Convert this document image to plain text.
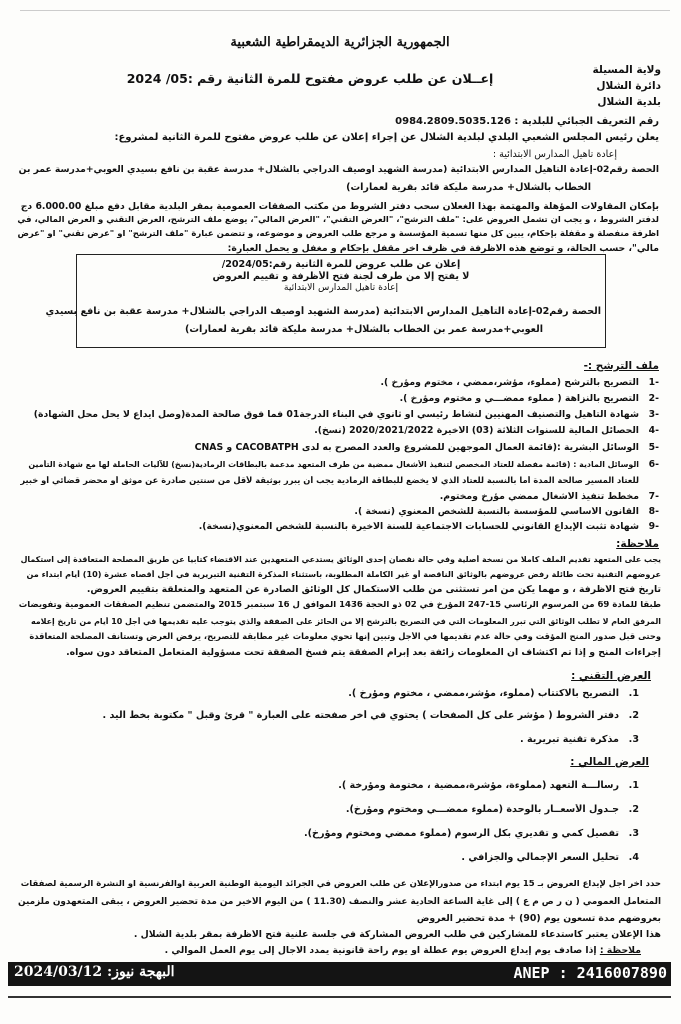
الجمهورية الجزائرية الديمقراطية الشعبية
ولاية المسيلة
دائرة الشلال
بلدية الشلال
إعــلان عن طلب عروض مفتوح للمرة الثانية رقم :05/ 2024
رقم التعريف الجبائي للبلدية : 0984.2809.5035.126
يعلن رئيس المجلس الشعبي البلدي لبلدية الشلال عن إجراء إعلان عن طلب عروض مفتوح للمرة الثانية لمشروع:
إعادة تأهيل المدارس الابتدائية :
الحصة رقم02-إعادة التأهيل المدارس الابتدائية (مدرسة الشهيد أوصيف الدراجي بالشلال+ مدرسة عقبة بن نافع بسيدي العوبي+مدرسة عمر بن
الخطاب بالشلال+ مدرسة مليكة قائد بقرية لعمارات)
بإمكان المقاولات المؤهلة والمهتمة بهذا الغعلان سحب دفتر الشروط من مكتب الصفقات العمومية بمقر البلدية مقابل دفع مبلغ 6.000.00 دج
لدفتر الشروط ، و يجب أن تشمل العروض على: "ملف الترشح"، "العرض التقني"، "العرض المالي"، يوضع ملف الترشح، العرض التقني و العرض المالي، في
أظرفة منفصلة و مقفلة بإحكام، يبين كل منها تسمية المؤسسة و مرجع طلب العروض و موضوعه، و تتضمن عبارة "ملف الترشح" أو "عرض تقني" أو "عرض
مالي"، حسب الحالة، و توضع هذه الأظرفة في ظرف أخر مقفل بإحكام و مغفل و يحمل العبارة:
إعلان عن طلب عروض للمرة الثانية رقم:2024/05/
لا يفتح إلا من طرف لجنة فتح الأظرفة و تقييم العروض
إعادة تأهيل المدارس الابتدائية
الحصة رقم02-إعادة التأهيل المدارس الابتدائية (مدرسة الشهيد أوصيف الدراجي بالشلال+ مدرسة عقبة بن نافع بسيدي
العوبي+مدرسة عمر بن الخطاب بالشلال+ مدرسة مليكة قائد بقرية لعمارات)
ملف الترشح :-
-1
التصريح بالترشح (مملوء، مؤشر،ممضي ، مختوم ومؤرخ ).
-2
التصريح بالنزاهة ( مملوء ممضـــي و مختوم ومؤرخ ).
-3
شهادة التأهيل والتصنيف المهنيين لنشاط رئيسي او ثانوي في البناء الدرجة01 فما فوق صالحة المدة(وصل ايداع لا يحل محل الشهادة)
-4
الحصائل المالية للسنوات الثلاثة (03) الأخيرة 2020/2021/2022 (نسخ).
-5
الوسائل البشرية :(قائمة العمال الموجهين للمشروع والعدد المصرح به لدى CACOBATPH و CNAS
-6
الوسائل المادية : (قائمة مفصلة للعتاد المخصص لتنفيذ الأشغال ممضية من طرف المتعهد مدعمة بالبطاقات الرمادية(نسخ) للآليات الحاملة لها مع شهادة التأمين
للعتاد المسير صالحة المدة أما بالنسبة للعتاد الذي لا يخضع للبطاقة الرمادية يجب أن يبرر بوثيقة لأقل من سنتين صادرة عن موثق أو محضر قضائي أو خبير
-7
مخطط تنفيذ الأشغال ممضي مؤرخ ومختوم.
-8
القانون الأساسي للمؤسسة بالنسبة للشخص المعنوي (نسخة ).
-9
شهادة تثبت الإيداع القانوني للحسابات الاجتماعية للسنة الأخيرة بالنسبة للشخص المعنوي(نسخة).
ملاحظة:
يجب على المتعهد تقديم الملف كاملا من نسخة أصلية وفي حالة نقصان إحدى الوثائق يستدعي المتعهدين عند الاقتضاء كتابيا عن طريق المصلحة المتعاقدة إلى استكمال
عروضهم التقنية تحت طائلة رفض عروضهم بالوثائق الناقصة أو غير الكاملة المطلوبة، باستثناء المذكرة التقنية التبريرية في أجل أقصاه عشرة (10) أيام ابتداء من
تاريخ فتح الأظرفة ، و مهما يكن من أمر تستثنى من طلب الاستكمال كل الوثائق الصادرة عن المتعهد والمتعلقة بتقييم العروض.
طبقا للمادة 69 من المرسوم الرئاسي 15-247 المؤرخ في 02 ذو الحجة 1436 الموافق ل 16 سبتمبر 2015 والمتضمن تنظيم الصفقات العمومية وتفويضات
المرفق العام لا تطلب الوثائق التي تبرر المعلومات التي في التصريح بالترشح إلا من الحائز على الصفقة والذي يتوجب عليه تقديمها في أجل 10 أيام من تاريخ إعلامه
وحتى قبل صدور المنح المؤقت وفي حالة عدم تقديمها في الأجل وتبين إنها تحوي معلومات غير مطابقة للتصريح، يرفض العرض وتستأنف المصلحة المتعاقدة
إجراءات المنح و إذا تم اكتشاف أن المعلومات زائفة بعد إبرام الصفقة يتم فسخ الصفقة تحت مسؤولية المتعامل المتعاقد دون سواه.
العرض التقني :
1.
التصريح بالاكتتاب (مملوء، مؤشر،ممضي ، مختوم ومؤرخ ).
2.
دفتر الشروط ( مؤشر على كل الصفحات ) يحتوي في أخر صفحته على العبارة " قرئ وقبل " مكتوبة بخط اليد .
3.
مذكرة تقنية تبريرية .
العرض المالي :
1.
رسالـــة التعهد (مملوءة، مؤشرة،ممضية ، مختومة ومؤرخة ).
2.
جـدول الأسعــار بالوحدة (مملوء ممضـــي ومختوم ومؤرخ).
3.
تفصيل كمي و تقديري بكل الرسوم (مملوء ممضي ومختوم ومؤرخ).
4.
تحليل السعر الإجمالي والجزافي .
حدد آخر أجل لإيداع العروض بـ 15 يوم ابتداء من صدورالإعلان عن طلب العروض في الجرائد اليومية الوطنية العربية أوالفرنسية أو النشرة الرسمية لصفقات
المتعامل العمومي ( ن ر ص م ع ) إلى غاية الساعة الحادية عشر والنصف (11.30 ) من اليوم الأخير من مدة تحضير العروض ، يبقى المتعهدون ملزمين
بعروضهم مدة تسعون يوم (90) + مدة تحضير العروض
هذا الإعلان يعتبر كاستدعاء للمشاركين في طلب العروض المشاركة في جلسة علنية فتح الأظرفة بمقر بلدية الشلال .
ملاحظة : إذا صادف يوم إيداع العروض يوم عطلة أو يوم راحة قانونية يمدد الأجال إلى يوم العمل الموالي .
البهجة نيوز: 2024/03/12	ANEP : 2416007890
